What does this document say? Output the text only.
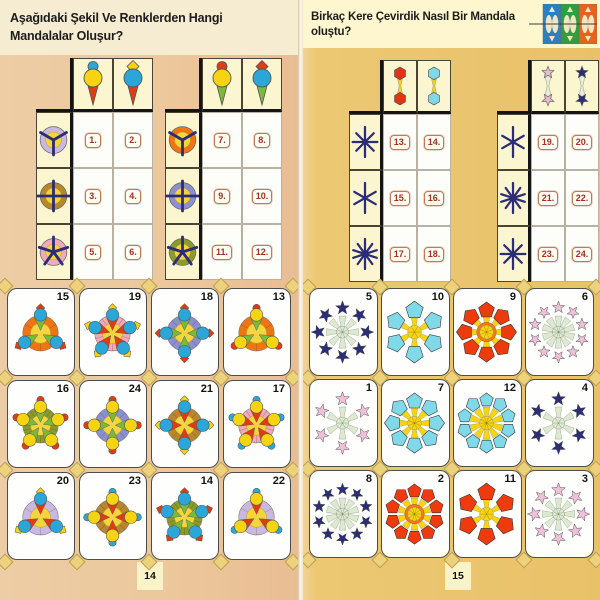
Aşağıdaki Şekil Ve Renklerden Hangi
Mandalalar Oluşur?
1.	2.
3.	4.
5.	6.
7.	8.
9.	10.
11.	12.
15	19	18	13
16	24	21	17
20	23	14	22
14
Birkaç Kere Çevirdik Nasıl Bir Mandala oluştu?
13.	14.
15.	16.
17.	18.
19.	20.
21.	22.
23.	24.
5	10	9	6
1	7	12	4
8	2	11	3
15
